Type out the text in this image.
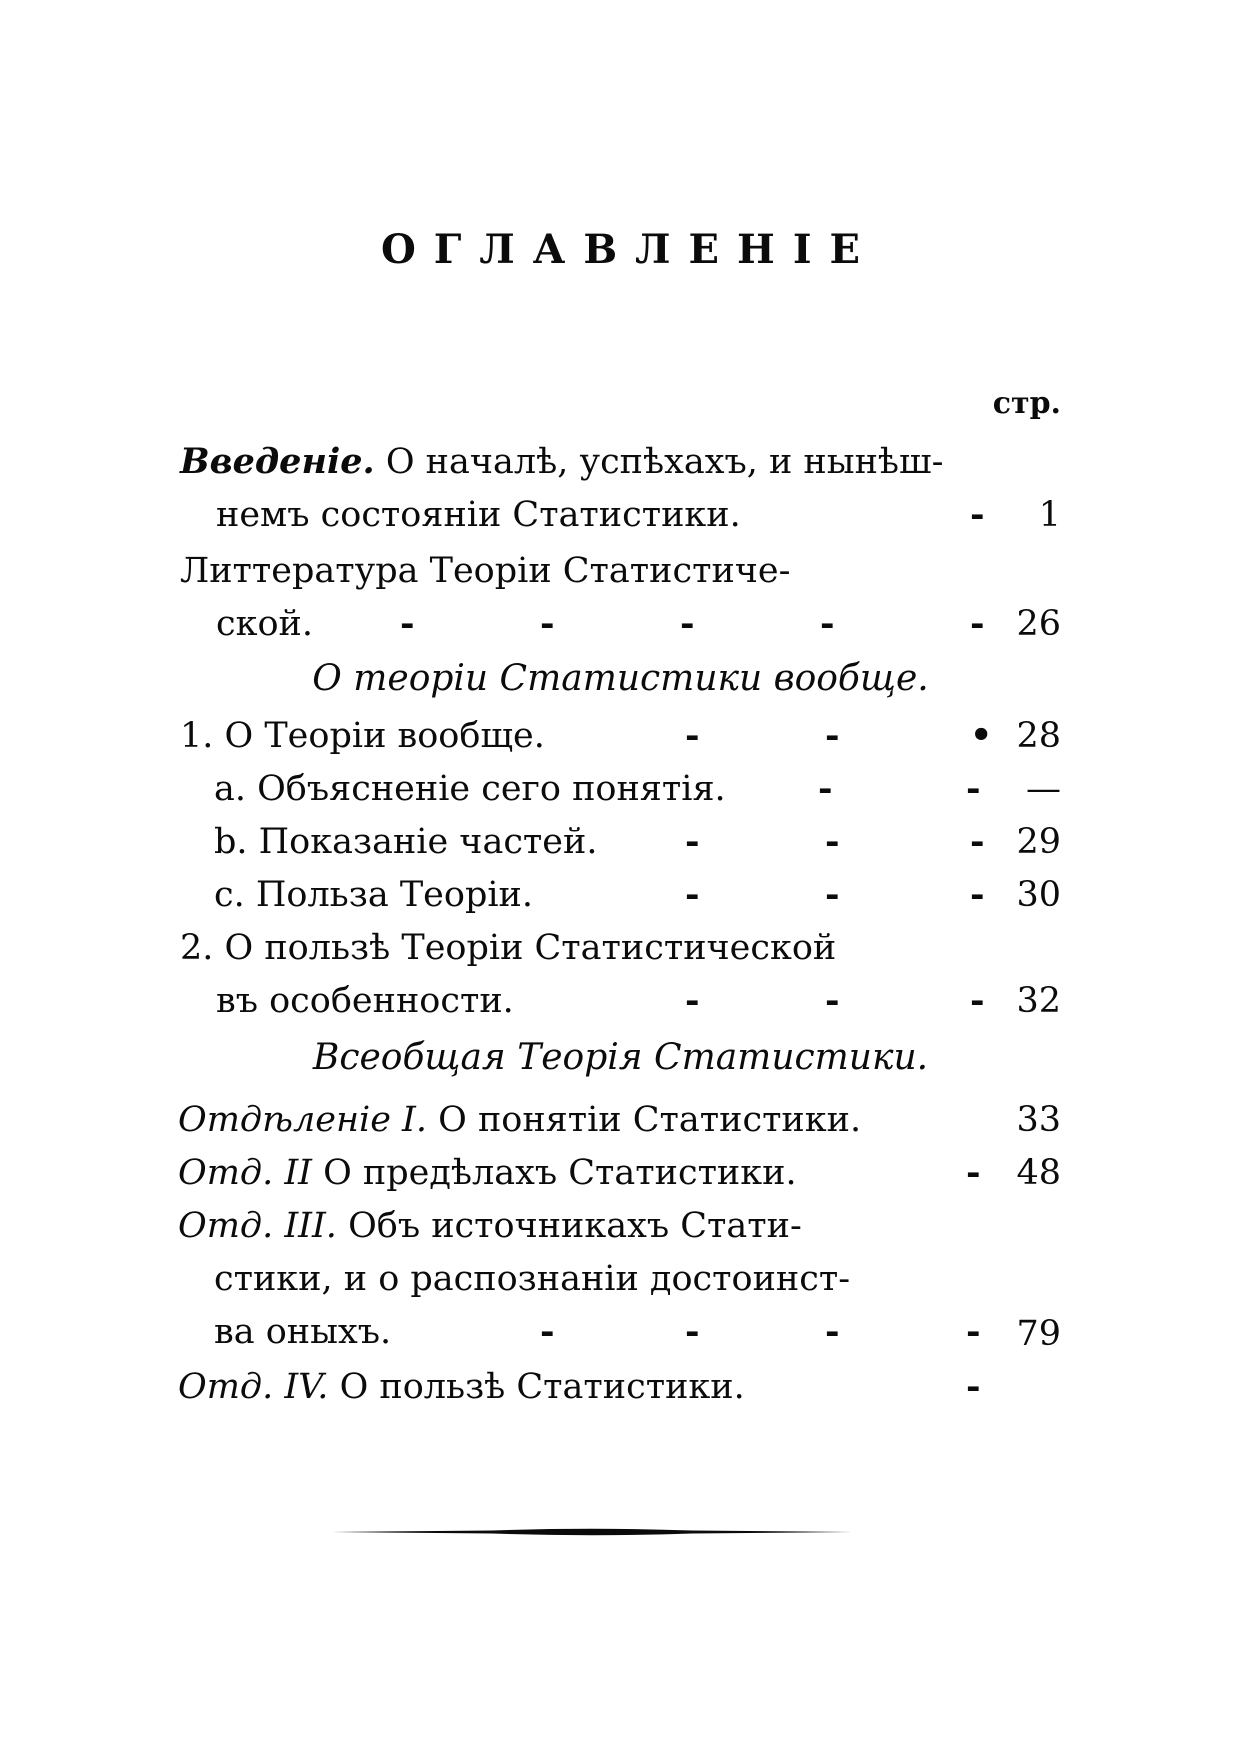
ОГЛАВЛЕНІЕ
стр.
Введеніе. О началѣ, успѣхахъ, и нынѣш-
немъ состояніи Статистики.	- 1
Литтература Теоріи Статистиче-
ской. -	-	-	-	- 26
О теоріи Статистики вообще.
1. О Теоріи вообще.	-	-	• 28
a. Объясненіе сего понятія.	-	- —
b. Показаніе частей.	-	-	- 29
c. Польза Теоріи.	-	-	- 30
2. О пользѣ Теоріи Статистической
въ особенности.	-	-	- 32
Всеобщая Теорія Статистики.
Отдѣленіе I. О понятіи Статистики.	33
Отд. II О предѣлахъ Статистики.	- 48
Отд. III. Объ источникахъ Стати-
стики, и о распознаніи достоинст-
ва оныхъ.	-	-	-	- 79
Отд. IV. О пользѣ Статистики.	-
